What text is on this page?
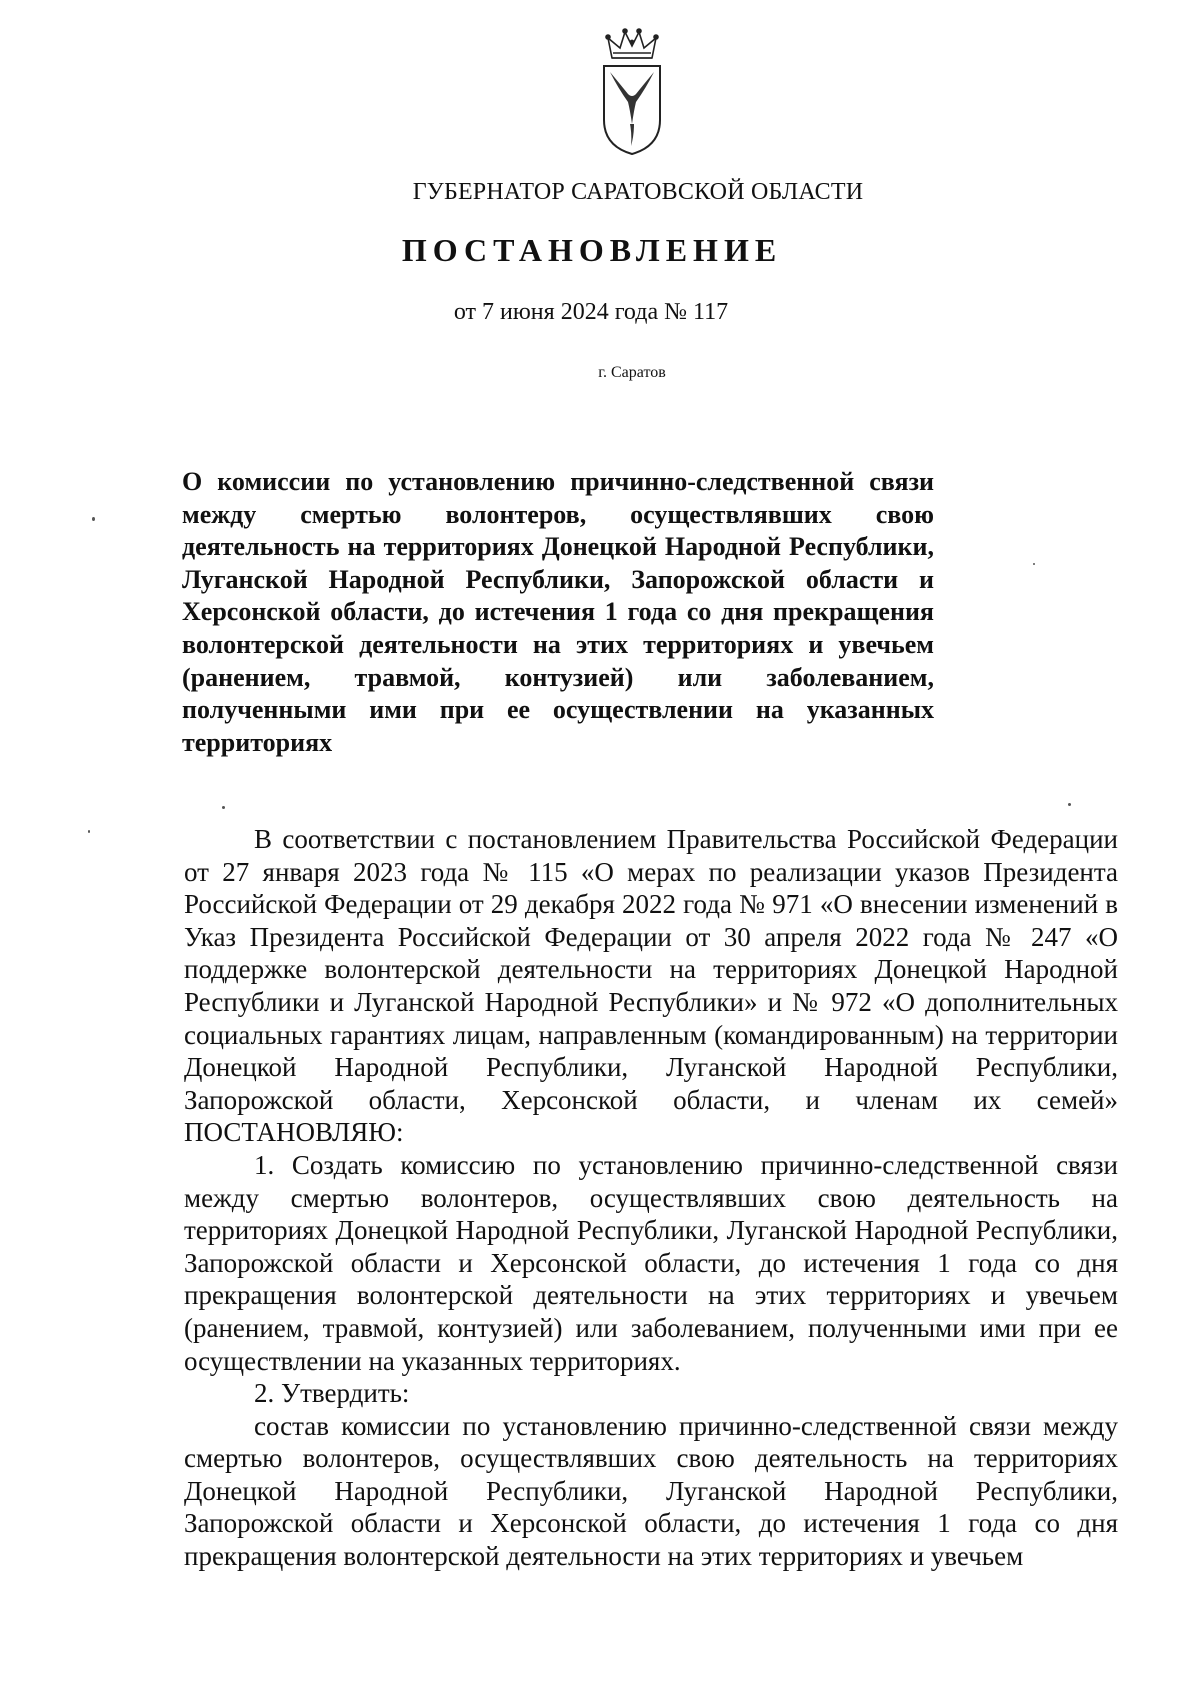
ГУБЕРНАТОР САРАТОВСКОЙ ОБЛАСТИ
ПОСТАНОВЛЕНИЕ
от 7 июня 2024 года № 117
г. Саратов

О комиссии по установлению причинно-следственной связи между смертью волонтеров, осуществлявших свою деятельность на территориях Донецкой Народной Республики, Луганской Народной Республики, Запорожской области и Херсонской области, до истечения 1 года со дня прекращения волонтерской деятельности на этих территориях и увечьем (ранением, травмой, контузией) или заболеванием, полученными ими при ее осуществлении на указанных территориях

В соответствии с постановлением Правительства Российской Федерации от 27 января 2023 года № 115 «О мерах по реализации указов Президента Российской Федерации от 29 декабря 2022 года № 971 «О внесении изменений в Указ Президента Российской Федерации от 30 апреля 2022 года № 247 «О поддержке волонтерской деятельности на территориях Донецкой Народной Республики и Луганской Народной Республики» и № 972 «О дополнительных социальных гарантиях лицам, направленным (командированным) на территории Донецкой Народной Республики, Луганской Народной Республики, Запорожской области, Херсонской области, и членам их семей» ПОСТАНОВЛЯЮ:

1. Создать комиссию по установлению причинно-следственной связи между смертью волонтеров, осуществлявших свою деятельность на территориях Донецкой Народной Республики, Луганской Народной Республики, Запорожской области и Херсонской области, до истечения 1 года со дня прекращения волонтерской деятельности на этих территориях и увечьем (ранением, травмой, контузией) или заболеванием, полученными ими при ее осуществлении на указанных территориях.

2. Утвердить:

состав комиссии по установлению причинно-следственной связи между смертью волонтеров, осуществлявших свою деятельность на территориях Донецкой Народной Республики, Луганской Народной Республики, Запорожской области и Херсонской области, до истечения 1 года со дня прекращения волонтерской деятельности на этих территориях и увечьем
